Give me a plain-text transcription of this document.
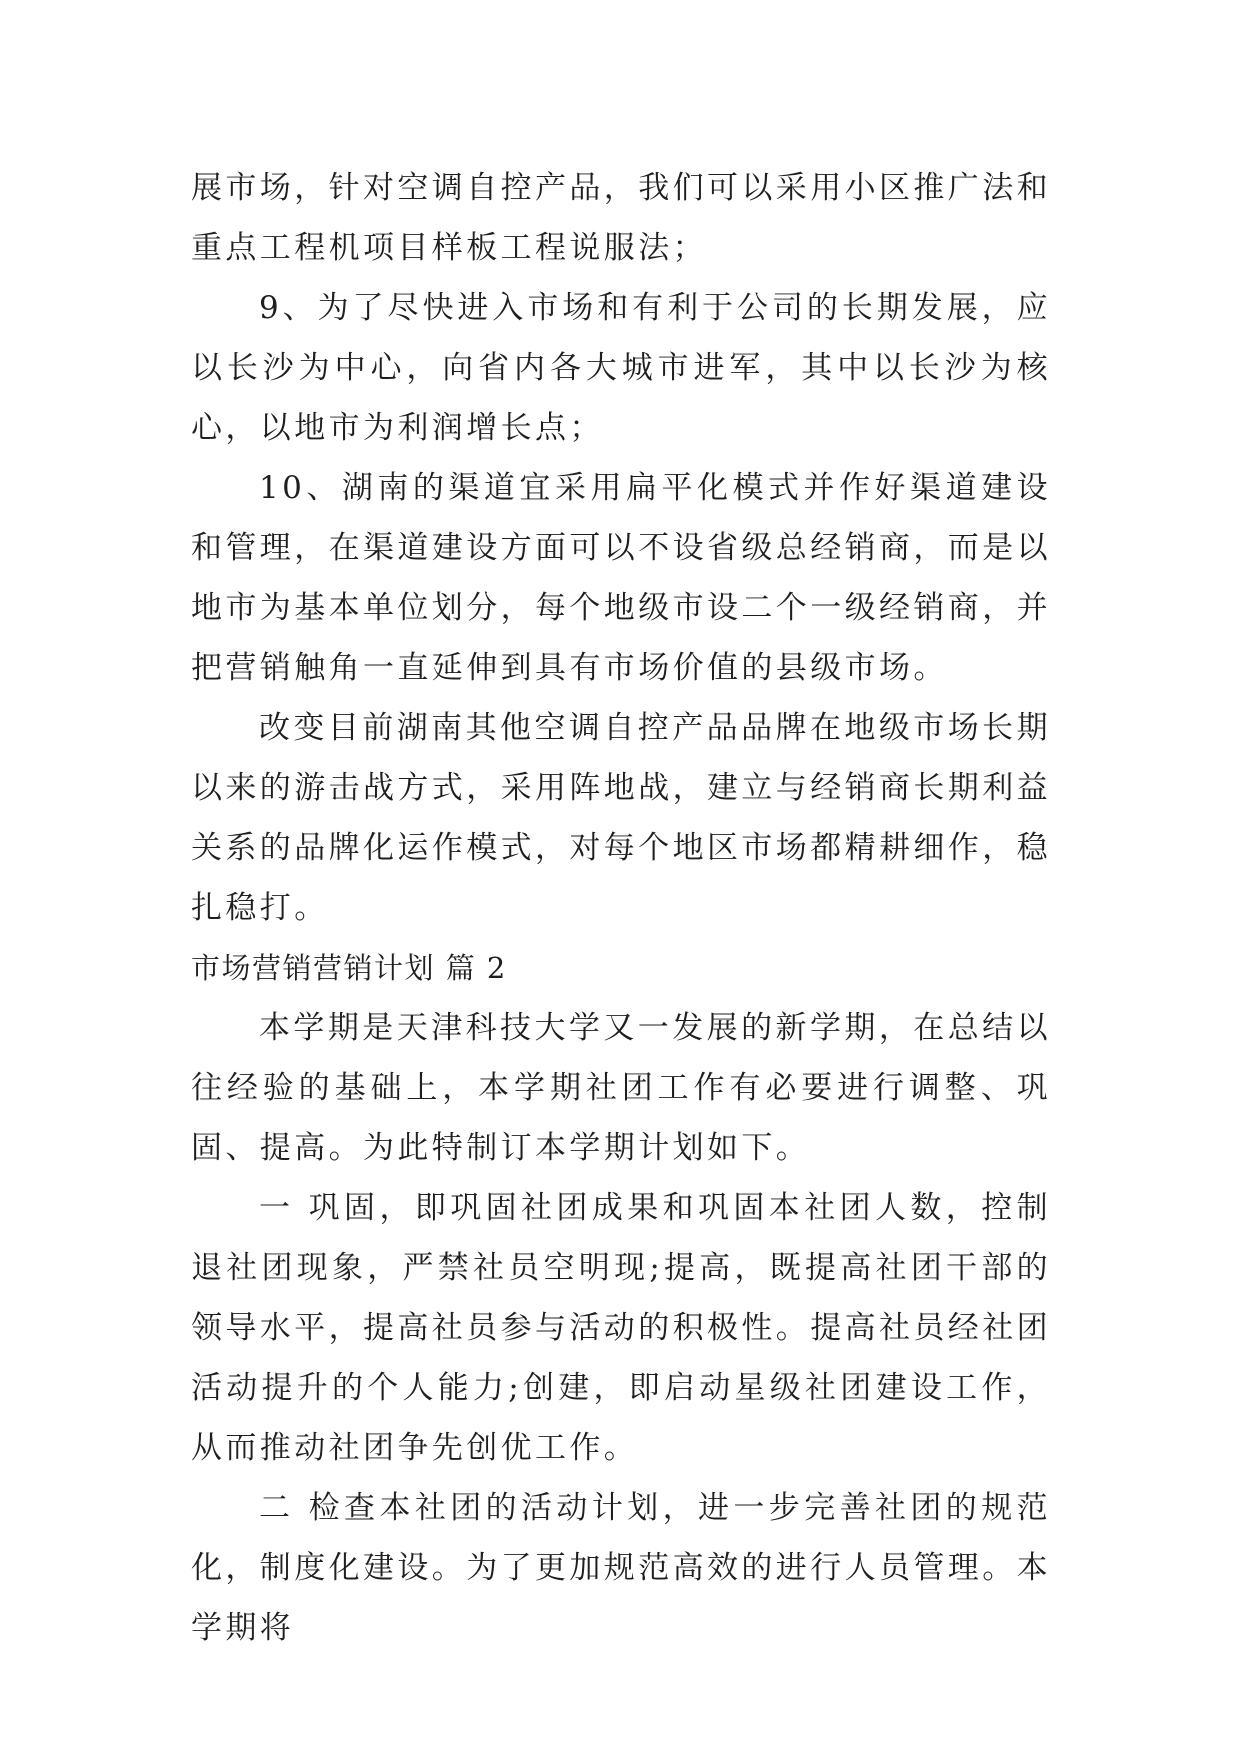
展市场，针对空调自控产品，我们可以采用小区推广法和重点工程机项目样板工程说服法；

9、为了尽快进入市场和有利于公司的长期发展，应以长沙为中心，向省内各大城市进军，其中以长沙为核心，以地市为利润增长点；

10、湖南的渠道宜采用扁平化模式并作好渠道建设和管理，在渠道建设方面可以不设省级总经销商，而是以地市为基本单位划分，每个地级市设二个一级经销商，并把营销触角一直延伸到具有市场价值的县级市场。

改变目前湖南其他空调自控产品品牌在地级市场长期以来的游击战方式，采用阵地战，建立与经销商长期利益关系的品牌化运作模式，对每个地区市场都精耕细作，稳扎稳打。

市场营销营销计划 篇 2

本学期是天津科技大学又一发展的新学期，在总结以往经验的基础上，本学期社团工作有必要进行调整、巩固、提高。为此特制订本学期计划如下。

一 巩固，即巩固社团成果和巩固本社团人数，控制退社团现象，严禁社员空明现;提高，既提高社团干部的领导水平，提高社员参与活动的积极性。提高社员经社团活动提升的个人能力;创建，即启动星级社团建设工作，从而推动社团争先创优工作。

二 检查本社团的活动计划，进一步完善社团的规范化，制度化建设。为了更加规范高效的进行人员管理。本学期将
